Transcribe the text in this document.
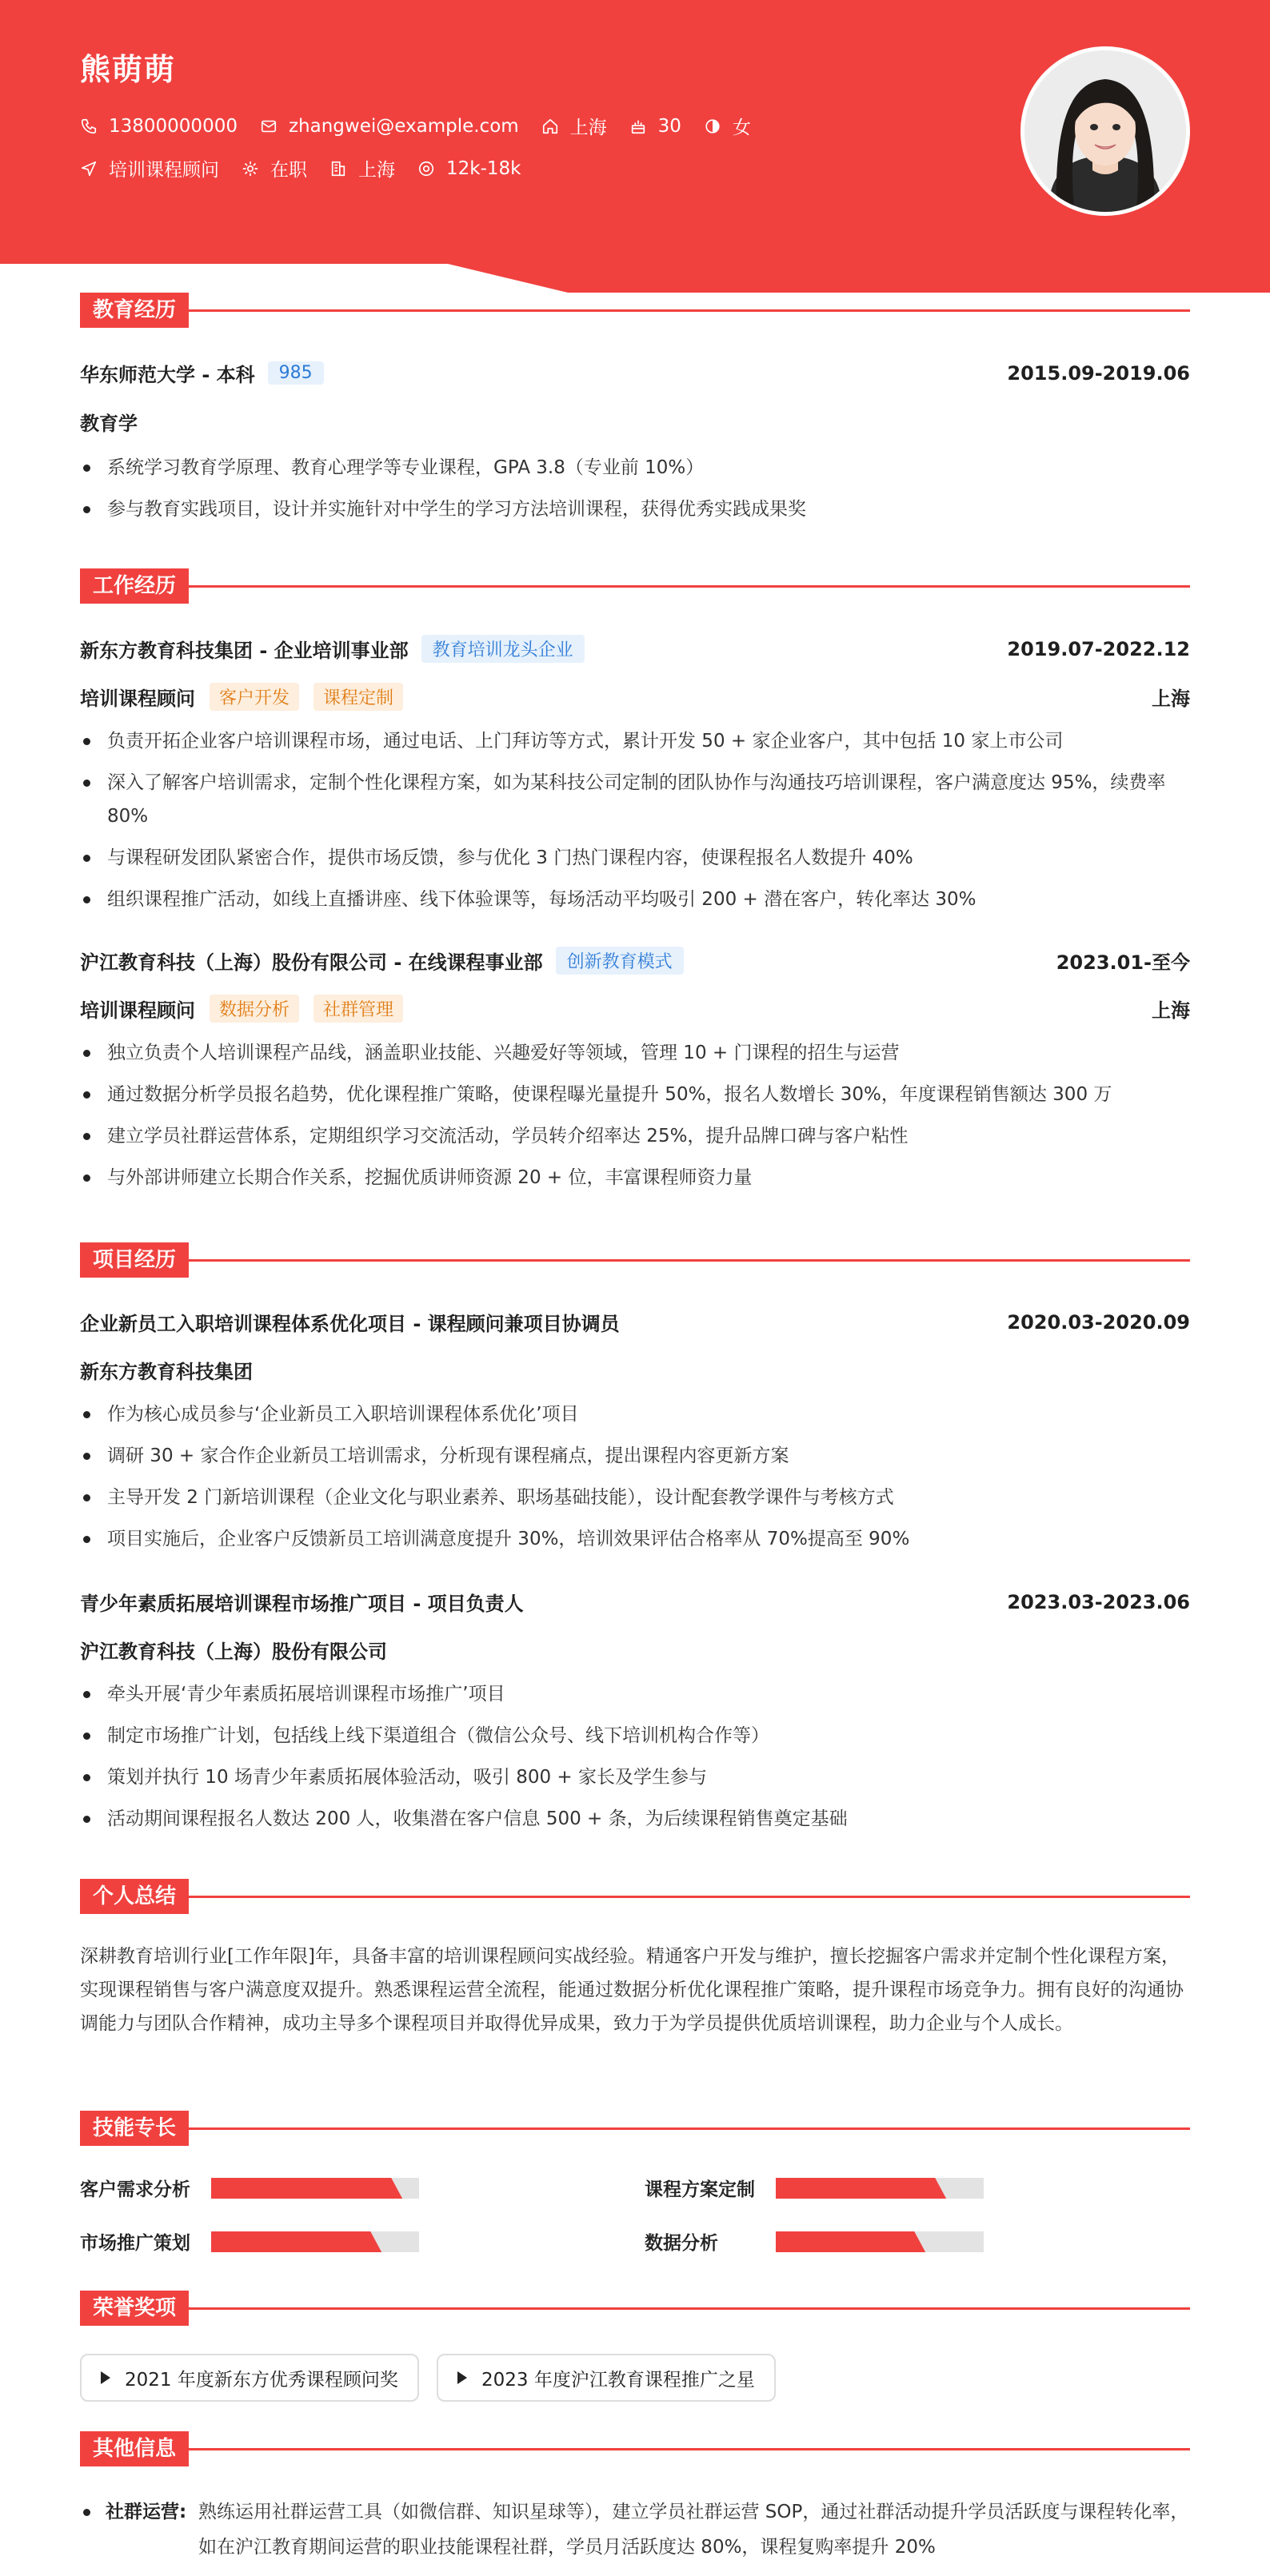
熊萌萌
13800000000	zhangwei@example.com	上海	30	女
培训课程顾问	在职	上海	12k-18k
教育经历
华东师范大学 - 本科	985	2015.09-2019.06
教育学
系统学习教育学原理、教育心理学等专业课程，GPA 3.8（专业前 10%）
参与教育实践项目，设计并实施针对中学生的学习方法培训课程，获得优秀实践成果奖
工作经历
新东方教育科技集团 - 企业培训事业部	教育培训龙头企业	2019.07-2022.12
培训课程顾问	客户开发	课程定制	上海
负责开拓企业客户培训课程市场，通过电话、上门拜访等方式，累计开发 50 + 家企业客户，其中包括 10 家上市公司
深入了解客户培训需求，定制个性化课程方案，如为某科技公司定制的团队协作与沟通技巧培训课程，客户满意度达 95%，续费率 80%
与课程研发团队紧密合作，提供市场反馈，参与优化 3 门热门课程内容，使课程报名人数提升 40%
组织课程推广活动，如线上直播讲座、线下体验课等，每场活动平均吸引 200 + 潜在客户，转化率达 30%
沪江教育科技（上海）股份有限公司 - 在线课程事业部	创新教育模式	2023.01-至今
培训课程顾问	数据分析	社群管理	上海
独立负责个人培训课程产品线，涵盖职业技能、兴趣爱好等领域，管理 10 + 门课程的招生与运营
通过数据分析学员报名趋势，优化课程推广策略，使课程曝光量提升 50%，报名人数增长 30%，年度课程销售额达 300 万
建立学员社群运营体系，定期组织学习交流活动，学员转介绍率达 25%，提升品牌口碑与客户粘性
与外部讲师建立长期合作关系，挖掘优质讲师资源 20 + 位，丰富课程师资力量
项目经历
企业新员工入职培训课程体系优化项目 - 课程顾问兼项目协调员	2020.03-2020.09
新东方教育科技集团
作为核心成员参与‘企业新员工入职培训课程体系优化’项目
调研 30 + 家合作企业新员工培训需求，分析现有课程痛点，提出课程内容更新方案
主导开发 2 门新培训课程（企业文化与职业素养、职场基础技能），设计配套教学课件与考核方式
项目实施后，企业客户反馈新员工培训满意度提升 30%，培训效果评估合格率从 70%提高至 90%
青少年素质拓展培训课程市场推广项目 - 项目负责人	2023.03-2023.06
沪江教育科技（上海）股份有限公司
牵头开展‘青少年素质拓展培训课程市场推广’项目
制定市场推广计划，包括线上线下渠道组合（微信公众号、线下培训机构合作等）
策划并执行 10 场青少年素质拓展体验活动，吸引 800 + 家长及学生参与
活动期间课程报名人数达 200 人，收集潜在客户信息 500 + 条，为后续课程销售奠定基础
个人总结
深耕教育培训行业[工作年限]年，具备丰富的培训课程顾问实战经验。精通客户开发与维护，擅长挖掘客户需求并定制个性化课程方案，实现课程销售与客户满意度双提升。熟悉课程运营全流程，能通过数据分析优化课程推广策略，提升课程市场竞争力。拥有良好的沟通协调能力与团队合作精神，成功主导多个课程项目并取得优异成果，致力于为学员提供优质培训课程，助力企业与个人成长。
技能专长
客户需求分析	课程方案定制
市场推广策划	数据分析
荣誉奖项
2021 年度新东方优秀课程顾问奖	2023 年度沪江教育课程推广之星
其他信息
社群运营: 熟练运用社群运营工具（如微信群、知识星球等），建立学员社群运营 SOP，通过社群活动提升学员活跃度与课程转化率，如在沪江教育期间运营的职业技能课程社群，学员月活跃度达 80%，课程复购率提升 20%
